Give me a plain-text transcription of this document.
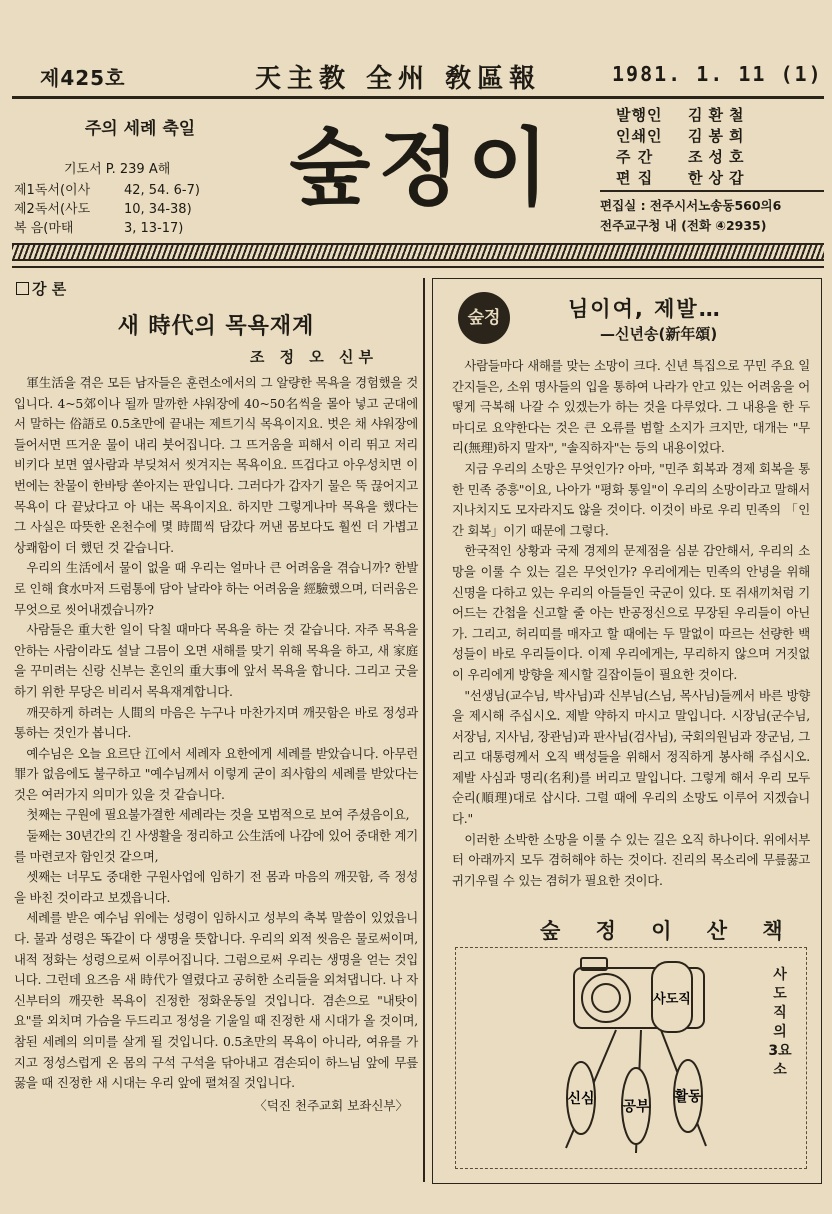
제425호	天主教 全州 敎區報	1981. 1. 11 (1)
주의 세례 축일
기도서 P. 239 A해
제1독서(이사	42, 54. 6-7)
제2독서(사도	10, 34-38)
복 음(마태	3, 13-17)
숲정이
발행인	김환철
인쇄인	김봉희
주 간	조성호
편 집	한상갑
편집실 : 전주시서노송동560의6
전주교구청 내 (전화 ④2935)
강 론
새 時代의 목욕재계
조 정 오 신부

軍生活을 겪은 모든 남자들은 훈련소에서의 그 알량한 목욕을 경험했을 것입니다. 4~5郊이나 될까 말까한 샤워장에 40~50名씩을 몰아 넣고 군대에서 말하는 俗語로 0.5초만에 끝내는 제트기식 목욕이지요. 벗은 채 샤워장에 들어서면 뜨거운 물이 내리 붓어집니다. 그 뜨거움을 피해서 이리 뛰고 저리 비키다 보면 옆사람과 부딪쳐서 씻겨지는 목욕이요. 뜨겁다고 아우성치면 이번에는 찬물이 한바탕 쏟아지는 판입니다. 그러다가 갑자기 물은 뚝 끊어지고 목욕이 다 끝났다고 아 내는 목욕이지요. 하지만 그렇게나마 목욕을 했다는 그 사실은 따뜻한 온천수에 몇 時間씩 담갔다 꺼낸 몸보다도 훨씬 더 가볍고 상쾌함이 더 했던 것 같습니다.

우리의 生活에서 물이 없을 때 우리는 얼마나 큰 어려움을 겪습니까? 한발로 인해 食水마저 드럼통에 담아 날라야 하는 어려움을 經驗했으며, 더러움은 무엇으로 씻어내겠습니까?

사람들은 重大한 일이 닥칠 때마다 목욕을 하는 것 같습니다. 자주 목욕을 안하는 사람이라도 설날 그믐이 오면 새해를 맞기 위해 목욕을 하고, 새 家庭을 꾸미려는 신랑 신부는 혼인의 重大事에 앞서 목욕을 합니다. 그리고 굿을 하기 위한 무당은 비리서 목욕재계합니다.

깨끗하게 하려는 人間의 마음은 누구나 마찬가지며 깨끗함은 바로 정성과 통하는 것인가 봅니다.

예수님은 오늘 요르단 江에서 세례자 요한에게 세례를 받았습니다. 아무런 罪가 없음에도 불구하고 "예수님께서 이렇게 굳이 죄사함의 세례를 받았다는 것은 여러가지 의미가 있을 것 같습니다.

첫째는 구원에 필요불가결한 세례라는 것을 모범적으로 보여 주셨음이요,

둘째는 30년간의 긴 사생활을 정리하고 公生活에 나감에 있어 중대한 계기를 마련코자 함인것 같으며,

셋째는 너무도 중대한 구원사업에 임하기 전 몸과 마음의 깨끗함, 즉 정성을 바친 것이라고 보겠읍니다.

세례를 받은 예수님 위에는 성령이 임하시고 성부의 축복 말씀이 있었읍니다. 물과 성령은 똑같이 다 생명을 뜻합니다. 우리의 외적 씻음은 물로써이며, 내적 정화는 성령으로써 이루어집니다. 그럼으로써 우리는 생명을 얻는 것입니다. 그런데 요즈음 새 時代가 열렸다고 공허한 소리들을 외쳐댑니다. 나 자신부터의 깨끗한 목욕이 진정한 정화운동일 것입니다. 겸손으로 "내탓이요"를 외치며 가슴을 두드리고 정성을 기울일 때 진정한 새 시대가 올 것이며, 참된 세례의 의미를 살게 될 것입니다. 0.5초만의 목욕이 아니라, 여유를 가지고 정성스럽게 온 몸의 구석 구석을 닦아내고 겸손되이 하느님 앞에 무릎 꿇을 때 진정한 새 시대는 우리 앞에 펼쳐질 것입니다.

〈덕진 천주교회 보좌신부〉
숲정	님이여, 제발…
—신년송(新年頌)

사람들마다 새해를 맞는 소망이 크다. 신년 특집으로 꾸민 주요 일간지들은, 소위 명사들의 입을 통하여 나라가 안고 있는 어려움을 어떻게 극복해 나갈 수 있겠는가 하는 것을 다루었다. 그 내용을 한 두 마디로 요약한다는 것은 큰 오류를 범할 소지가 크지만, 대개는 "무리(無理)하지 말자", "솔직하자"는 등의 내용이었다.

지금 우리의 소망은 무엇인가? 아마, "민주 회복과 경제 회복을 통한 민족 중흥"이요, 나아가 "평화 통일"이 우리의 소망이라고 말해서 지나치지도 모자라지도 않을 것이다. 이것이 바로 우리 민족의 「인간 회복」이기 때문에 그렇다.

한국적인 상황과 국제 경제의 문제점을 심분 감안해서, 우리의 소망을 이룰 수 있는 길은 무엇인가? 우리에게는 민족의 안녕을 위해 신명을 다하고 있는 우리의 아들들인 국군이 있다. 또 쥐새끼처럼 기어드는 간첩을 신고할 줄 아는 반공정신으로 무장된 우리들이 아닌가. 그리고, 허리띠를 매자고 할 때에는 두 말없이 따르는 선량한 백성들이 바로 우리들이다. 이제 우리에게는, 무리하지 않으며 거짓없이 우리에게 방향을 제시할 길잡이들이 필요한 것이다.

"선생님(교수님, 박사님)과 신부님(스님, 목사님)들께서 바른 방향을 제시해 주십시오. 제발 약하지 마시고 말입니다. 시장님(군수님, 서장님, 지사님, 장관님)과 판사님(검사님), 국회의원님과 장군님, 그리고 대통령께서 오직 백성들을 위해서 정직하게 봉사해 주십시오. 제발 사심과 명리(名利)를 버리고 말입니다. 그렇게 해서 우리 모두 순리(順理)대로 삽시다. 그럴 때에 우리의 소망도 이루어 지겠습니다."

이러한 소박한 소망을 이룰 수 있는 길은 오직 하나이다. 위에서부터 아래까지 모두 겸허해야 하는 것이다. 진리의 목소리에 무릎꿇고 귀기우릴 수 있는 겸허가 필요한 것이다.

숲 정 이 산 책
사도직
신심 공부
활동
사도직의 3요소
